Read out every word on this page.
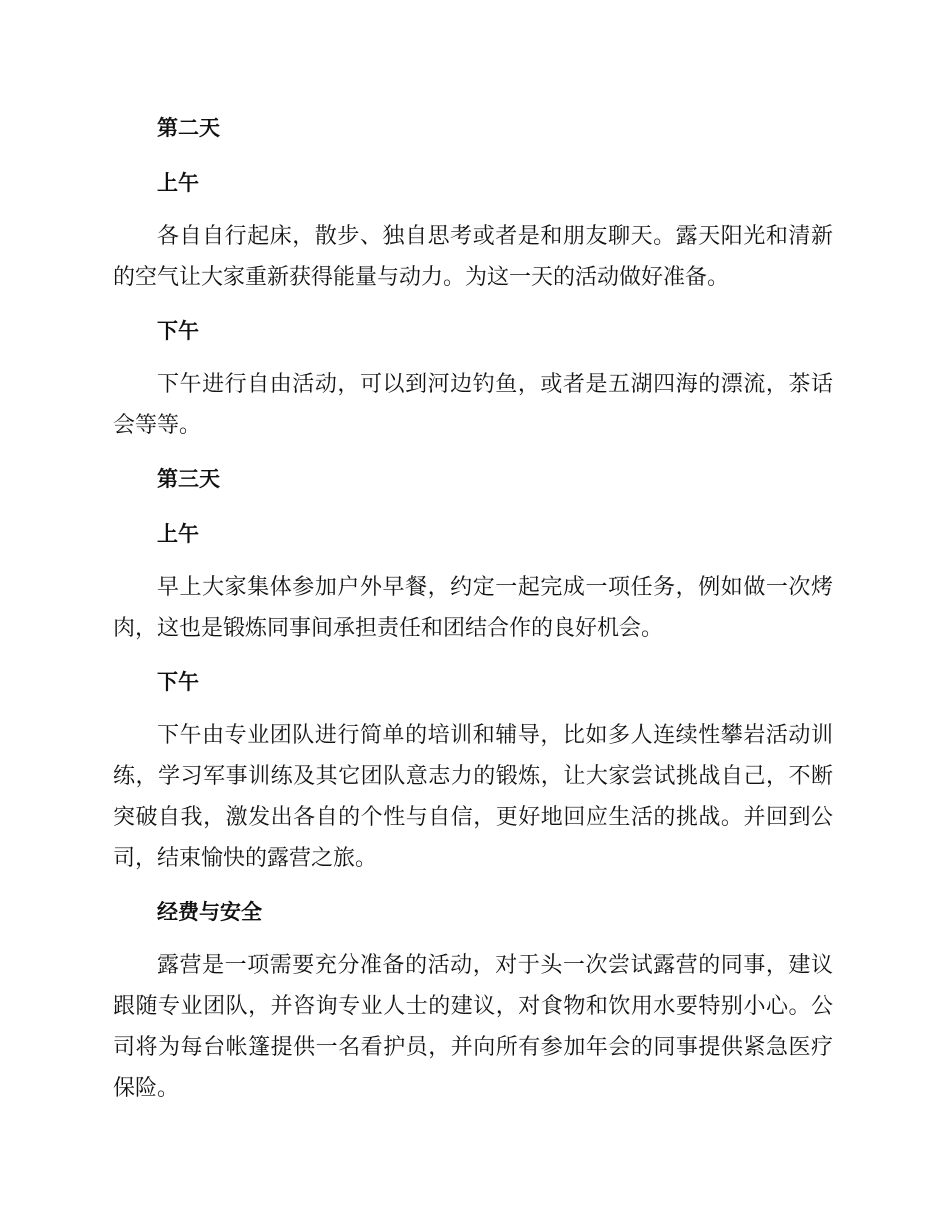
第二天
上午

各自自行起床，散步、独自思考或者是和朋友聊天。露天阳光和清新的空气让大家重新获得能量与动力。为这一天的活动做好准备。

下午

下午进行自由活动，可以到河边钓鱼，或者是五湖四海的漂流，茶话会等等。

第三天
上午

早上大家集体参加户外早餐，约定一起完成一项任务，例如做一次烤肉，这也是锻炼同事间承担责任和团结合作的良好机会。

下午

下午由专业团队进行简单的培训和辅导，比如多人连续性攀岩活动训练，学习军事训练及其它团队意志力的锻炼，让大家尝试挑战自己，不断突破自我，激发出各自的个性与自信，更好地回应生活的挑战。并回到公司，结束愉快的露营之旅。

经费与安全

露营是一项需要充分准备的活动，对于头一次尝试露营的同事，建议跟随专业团队，并咨询专业人士的建议，对食物和饮用水要特别小心。公司将为每台帐篷提供一名看护员，并向所有参加年会的同事提供紧急医疗保险。
